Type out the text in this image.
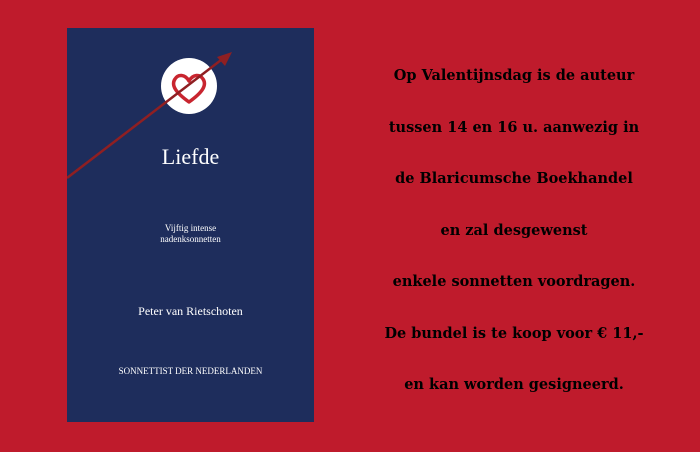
Liefde
Vijftig intense
nadenksonnetten
Peter van Rietschoten
SONNETTIST DER NEDERLANDEN
Op Valentijnsdag is de auteur
tussen 14 en 16 u. aanwezig in
de Blaricumsche Boekhandel
en zal desgewenst
enkele sonnetten voordragen.
De bundel is te koop voor € 11,-
en kan worden gesigneerd.
